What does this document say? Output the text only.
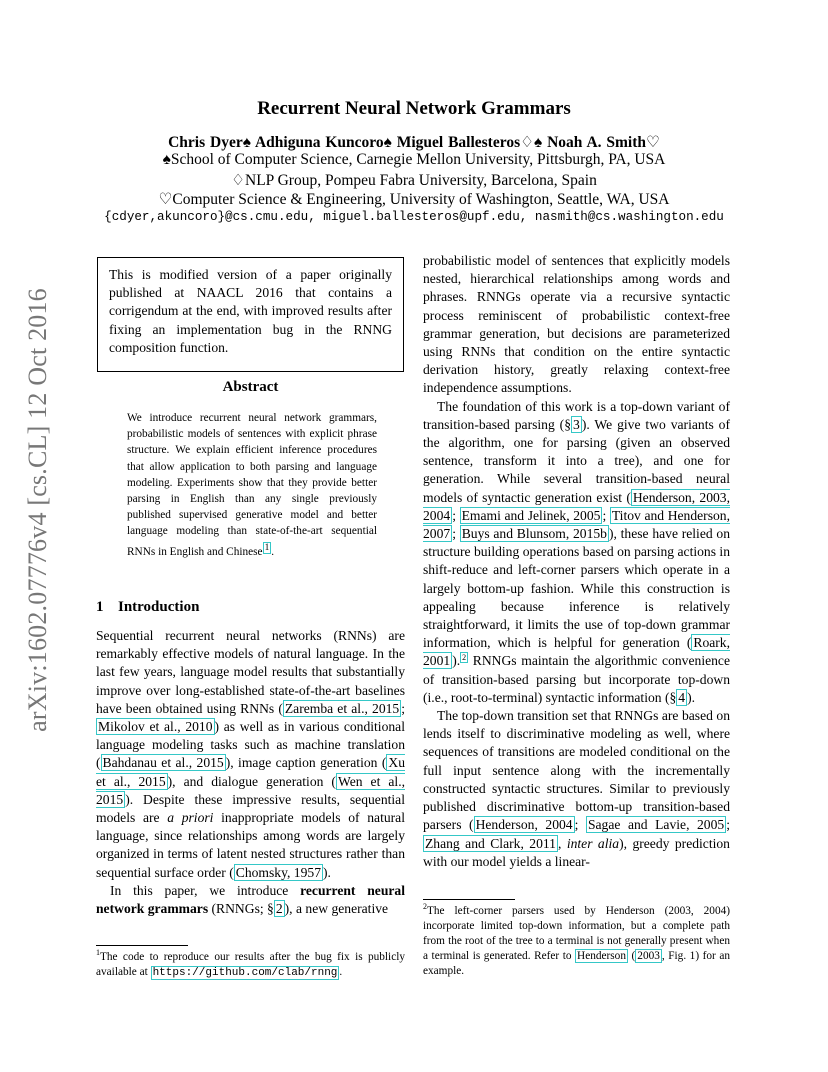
Recurrent Neural Network Grammars
Chris Dyer♠ Adhiguna Kuncoro♠ Miguel Ballesteros♢♠ Noah A. Smith♡
♠School of Computer Science, Carnegie Mellon University, Pittsburgh, PA, USA
♢NLP Group, Pompeu Fabra University, Barcelona, Spain
♡Computer Science & Engineering, University of Washington, Seattle, WA, USA
{cdyer,akuncoro}@cs.cmu.edu, miguel.ballesteros@upf.edu, nasmith@cs.washington.edu
arXiv:1602.07776v4 [cs.CL] 12 Oct 2016
This is modified version of a paper originally published at NAACL 2016 that contains a corrigendum at the end, with improved results after fixing an implementation bug in the RNNG composition function.
Abstract
We introduce recurrent neural network grammars, probabilistic models of sentences with explicit phrase structure. We explain efficient inference procedures that allow application to both parsing and language modeling. Experiments show that they provide better parsing in English than any single previously published supervised generative model and better language modeling than state-of-the-art sequential RNNs in English and Chinese $^1$ .
1 Introduction

Sequential recurrent neural networks (RNNs) are remarkably effective models of natural language. In the last few years, language model results that substantially improve over long-established state-of-the-art baselines have been obtained using RNNs ( Zaremba et al., 2015 ; Mikolov et al., 2010 ) as well as in various conditional language modeling tasks such as machine translation ( Bahdanau et al., 2015 ), image caption generation ( Xu et al., 2015 ), and dialogue generation ( Wen et al., 2015 ). Despite these impressive results, sequential models are a priori inappropriate models of natural language, since relationships among words are largely organized in terms of latent nested structures rather than sequential surface order ( Chomsky, 1957 ).

In this paper, we introduce recurrent neural network grammars (RNNGs; § 2 ), a new generative

$^1$The code to reproduce our results after the bug fix is publicly available at https://github.com/clab/rnng .

probabilistic model of sentences that explicitly models nested, hierarchical relationships among words and phrases. RNNGs operate via a recursive syntactic process reminiscent of probabilistic context-free grammar generation, but decisions are parameterized using RNNs that condition on the entire syntactic derivation history, greatly relaxing context-free independence assumptions.

The foundation of this work is a top-down variant of transition-based parsing (§ 3 ). We give two variants of the algorithm, one for parsing (given an observed sentence, transform it into a tree), and one for generation. While several transition-based neural models of syntactic generation exist ( Henderson, 2003, 2004 ; Emami and Jelinek, 2005 ; Titov and Henderson, 2007 ; Buys and Blunsom, 2015b ), these have relied on structure building operations based on parsing actions in shift-reduce and left-corner parsers which operate in a largely bottom-up fashion. While this construction is appealing because inference is relatively straightforward, it limits the use of top-down grammar information, which is helpful for generation ( Roark, 2001 ). $^2$ RNNGs maintain the algorithmic convenience of transition-based parsing but incorporate top-down (i.e., root-to-terminal) syntactic information (§ 4 ).

The top-down transition set that RNNGs are based on lends itself to discriminative modeling as well, where sequences of transitions are modeled conditional on the full input sentence along with the incrementally constructed syntactic structures. Similar to previously published discriminative bottom-up transition-based parsers ( Henderson, 2004 ; Sagae and Lavie, 2005 ; Zhang and Clark, 2011 , inter alia), greedy prediction with our model yields a linear-

$^2$The left-corner parsers used by Henderson (2003, 2004) incorporate limited top-down information, but a complete path from the root of the tree to a terminal is not generally present when a terminal is generated. Refer to Henderson ( 2003 , Fig. 1) for an example.
